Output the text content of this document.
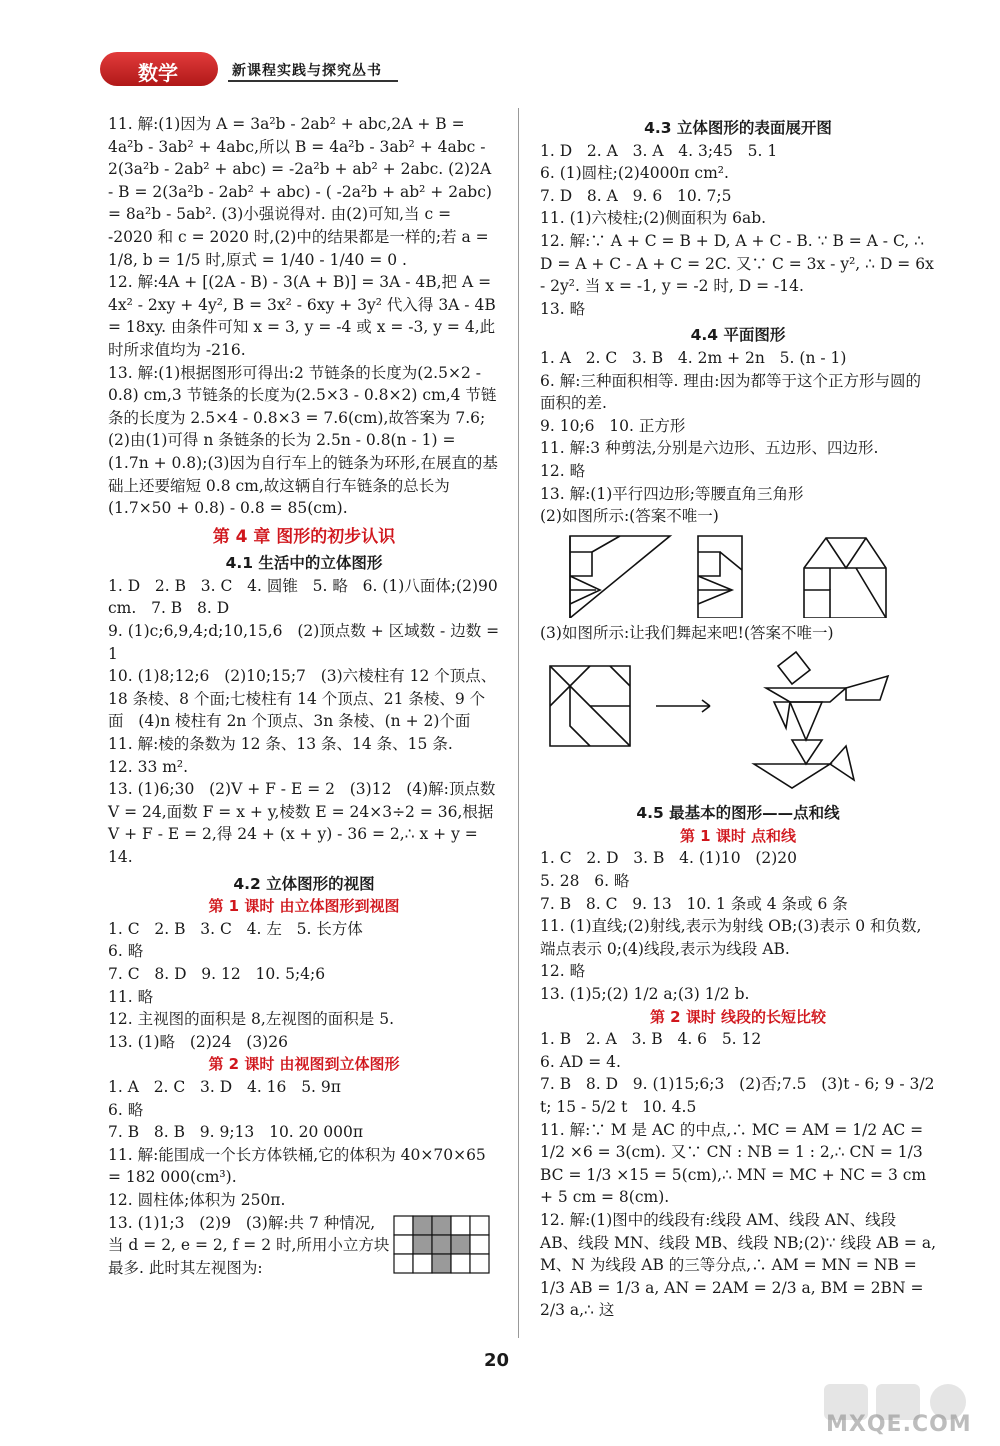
数学	新课程实践与探究丛书
11. 解:(1)因为 A = 3a²b - 2ab² + abc,2A + B = 4a²b - 3ab² + 4abc,所以 B = 4a²b - 3ab² + 4abc - 2(3a²b - 2ab² + abc) = -2a²b + ab² + 2abc. (2)2A - B = 2(3a²b - 2ab² + abc) - ( -2a²b + ab² + 2abc) = 8a²b - 5ab². (3)小强说得对. 由(2)可知,当 c = -2020 和 c = 2020 时,(2)中的结果都是一样的;若 a = 1/8, b = 1/5 时,原式 = 1/40 - 1/40 = 0 .
12. 解:4A + [(2A - B) - 3(A + B)] = 3A - 4B,把 A = 4x² - 2xy + 4y², B = 3x² - 6xy + 3y² 代入得 3A - 4B = 18xy. 由条件可知 x = 3, y = -4 或 x = -3, y = 4,此时所求值均为 -216.
13. 解:(1)根据图形可得出:2 节链条的长度为(2.5×2 - 0.8) cm,3 节链条的长度为(2.5×3 - 0.8×2) cm,4 节链条的长度为 2.5×4 - 0.8×3 = 7.6(cm),故答案为 7.6;(2)由(1)可得 n 条链条的长为 2.5n - 0.8(n - 1) = (1.7n + 0.8);(3)因为自行车上的链条为环形,在展直的基础上还要缩短 0.8 cm,故这辆自行车链条的总长为(1.7×50 + 0.8) - 0.8 = 85(cm).
第 4 章 图形的初步认识
4.1 生活中的立体图形
1. D   2. B   3. C   4. 圆锥   5. 略   6. (1)八面体;(2)90 cm.   7. B   8. D
9. (1)c;6,9,4;d;10,15,6   (2)顶点数 + 区域数 - 边数 = 1
10. (1)8;12;6   (2)10;15;7   (3)六棱柱有 12 个顶点、18 条棱、8 个面;七棱柱有 14 个顶点、21 条棱、9 个面   (4)n 棱柱有 2n 个顶点、3n 条棱、(n + 2)个面
11. 解:棱的条数为 12 条、13 条、14 条、15 条.
12. 33 m².
13. (1)6;30   (2)V + F - E = 2   (3)12   (4)解:顶点数 V = 24,面数 F = x + y,棱数 E = 24×3÷2 = 36,根据 V + F - E = 2,得 24 + (x + y) - 36 = 2,∴ x + y = 14.
4.2 立体图形的视图
第 1 课时 由立体图形到视图
1. C   2. B   3. C   4. 左   5. 长方体
6. 略
7. C   8. D   9. 12   10. 5;4;6
11. 略
12. 主视图的面积是 8,左视图的面积是 5.
13. (1)略   (2)24   (3)26
第 2 课时 由视图到立体图形
1. A   2. C   3. D   4. 16   5. 9π
6. 略
7. B   8. B   9. 9;13   10. 20 000π
11. 解:能围成一个长方体铁桶,它的体积为 40×70×65 = 182 000(cm³).
12. 圆柱体;体积为 250π.

13. (1)1;3   (2)9   (3)解:共 7 种情况,当 d = 2, e = 2, f = 2 时,所用小立方块最多. 此时其左视图为:

4.3 立体图形的表面展开图
1. D   2. A   3. A   4. 3;45   5. 1
6. (1)圆柱;(2)4000π cm².
7. D   8. A   9. 6   10. 7;5
11. (1)六棱柱;(2)侧面积为 6ab.
12. 解:∵ A + C = B + D, A + C - B. ∵ B = A - C, ∴ D = A + C - A + C = 2C. 又∵ C = 3x - y², ∴ D = 6x - 2y². 当 x = -1, y = -2 时, D = -14.
13. 略
4.4 平面图形
1. A   2. C   3. B   4. 2m + 2n   5. (n - 1)
6. 解:三种面积相等. 理由:因为都等于这个正方形与圆的面积的差.
9. 10;6   10. 正方形
11. 解:3 种剪法,分别是六边形、五边形、四边形.
12. 略
13. 解:(1)平行四边形;等腰直角三角形
(2)如图所示:(答案不唯一)
(3)如图所示:让我们舞起来吧!(答案不唯一)
4.5 最基本的图形——点和线
第 1 课时 点和线
1. C   2. D   3. B   4. (1)10   (2)20
5. 28   6. 略
7. B   8. C   9. 13   10. 1 条或 4 条或 6 条
11. (1)直线;(2)射线,表示为射线 OB;(3)表示 0 和负数,端点表示 0;(4)线段,表示为线段 AB.
12. 略
13. (1)5;(2) 1/2 a;(3) 1/2 b.
第 2 课时 线段的长短比较
1. B   2. A   3. B   4. 6   5. 12
6. AD = 4.
7. B   8. D   9. (1)15;6;3   (2)否;7.5   (3)t - 6; 9 - 3/2 t; 15 - 5/2 t   10. 4.5
11. 解:∵ M 是 AC 的中点,∴ MC = AM = 1/2 AC = 1/2 ×6 = 3(cm). 又∵ CN : NB = 1 : 2,∴ CN = 1/3 BC = 1/3 ×15 = 5(cm),∴ MN = MC + NC = 3 cm + 5 cm = 8(cm).
12. 解:(1)图中的线段有:线段 AM、线段 AN、线段 AB、线段 MN、线段 MB、线段 NB;(2)∵ 线段 AB = a, M、N 为线段 AB 的三等分点,∴ AM = MN = NB = 1/3 AB = 1/3 a, AN = 2AM = 2/3 a, BM = 2BN = 2/3 a,∴ 这
20
MXQE.COM
